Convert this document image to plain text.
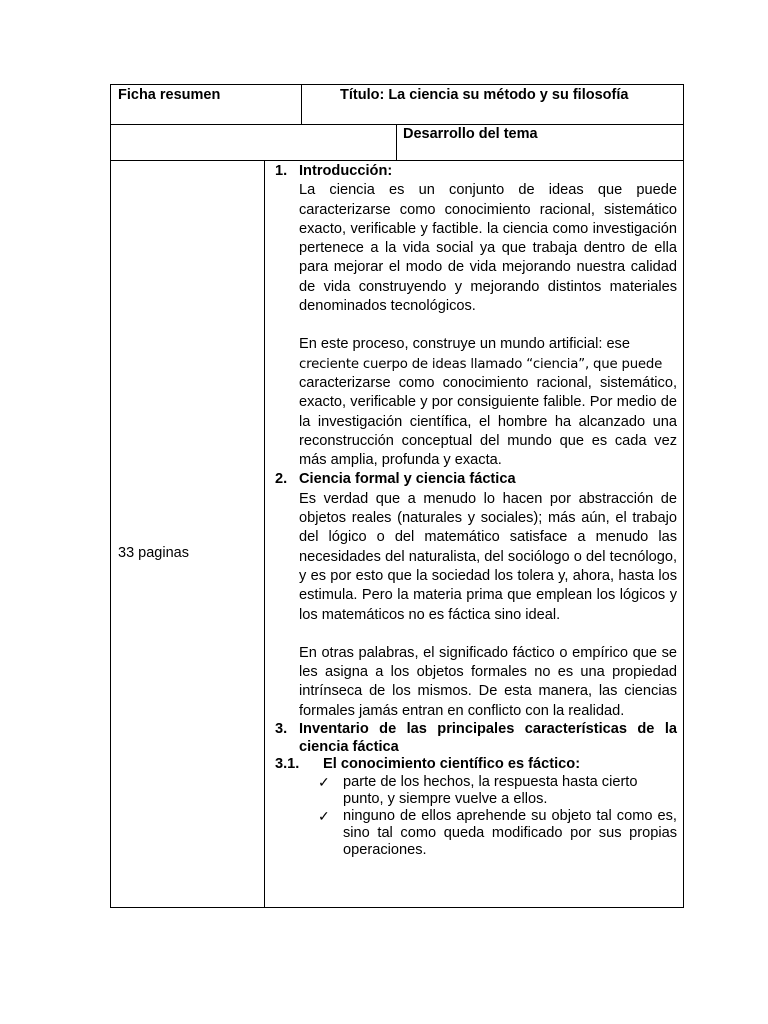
Ficha resumen	Título: La ciencia su método y su filosofía
Desarrollo del tema
33 paginas
1. Introducción:

La ciencia es un conjunto de ideas que puede caracterizarse como conocimiento racional, sistemático exacto, verificable y factible. la ciencia como investigación pertenece a la vida social ya que trabaja dentro de ella para mejorar el modo de vida mejorando nuestra calidad de vida construyendo y mejorando distintos materiales denominados tecnológicos.

En este proceso, construye un mundo artificial: ese
creciente cuerpo de ideas llamado “ciencia”, que puede
caracterizarse como conocimiento racional, sistemático, exacto, verificable y por consiguiente falible. Por medio de la investigación científica, el hombre ha alcanzado una reconstrucción conceptual del mundo que es cada vez más amplia, profunda y exacta.

2. Ciencia formal y ciencia fáctica

Es verdad que a menudo lo hacen por abstracción de objetos reales (naturales y sociales); más aún, el trabajo del lógico o del matemático satisface a menudo las necesidades del naturalista, del sociólogo o del tecnólogo, y es por esto que la sociedad los tolera y, ahora, hasta los estimula. Pero la materia prima que emplean los lógicos y los matemáticos no es fáctica sino ideal.

En otras palabras, el significado fáctico o empírico que se les asigna a los objetos formales no es una propiedad intrínseca de los mismos. De esta manera, las ciencias formales jamás entran en conflicto con la realidad.

3. Inventario de las principales características de la ciencia fáctica
3.1.	El conocimiento científico es fáctico:
✓ parte de los hechos, la respuesta hasta cierto punto, y siempre vuelve a ellos.
✓ ninguno de ellos aprehende su objeto tal como es, sino tal como queda modificado por sus propias operaciones.
